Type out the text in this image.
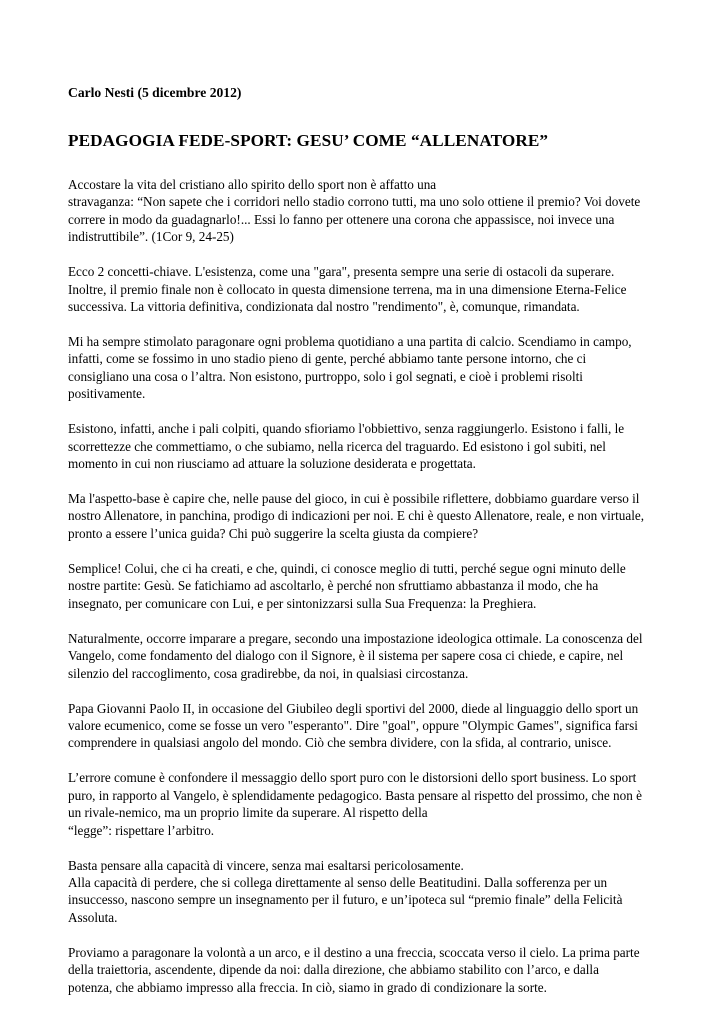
Carlo Nesti (5 dicembre 2012)

PEDAGOGIA FEDE-SPORT: GESU’ COME “ALLENATORE”

Accostare la vita del cristiano allo spirito dello sport non è affatto una
stravaganza: “Non sapete che i corridori nello stadio corrono tutti, ma uno solo ottiene il premio? Voi dovete
correre in modo da guadagnarlo!... Essi lo fanno per ottenere una corona che appassisce, noi invece una
indistruttibile”. (1Cor 9, 24-25)

Ecco 2 concetti-chiave. L'esistenza, come una "gara", presenta sempre una serie di ostacoli da superare.
Inoltre, il premio finale non è collocato in questa dimensione terrena, ma in una dimensione Eterna-Felice
successiva. La vittoria definitiva, condizionata dal nostro "rendimento", è, comunque, rimandata.

Mi ha sempre stimolato paragonare ogni problema quotidiano a una partita di calcio. Scendiamo in campo,
infatti, come se fossimo in uno stadio pieno di gente, perché abbiamo tante persone intorno, che ci
consigliano una cosa o l’altra. Non esistono, purtroppo, solo i gol segnati, e cioè i problemi risolti
positivamente.

Esistono, infatti, anche i pali colpiti, quando sfioriamo l'obbiettivo, senza raggiungerlo. Esistono i falli, le
scorrettezze che commettiamo, o che subiamo, nella ricerca del traguardo. Ed esistono i gol subiti, nel
momento in cui non riusciamo ad attuare la soluzione desiderata e progettata.

Ma l'aspetto-base è capire che, nelle pause del gioco, in cui è possibile riflettere, dobbiamo guardare verso il
nostro Allenatore, in panchina, prodigo di indicazioni per noi. E chi è questo Allenatore, reale, e non virtuale,
pronto a essere l’unica guida? Chi può suggerire la scelta giusta da compiere?

Semplice! Colui, che ci ha creati, e che, quindi, ci conosce meglio di tutti, perché segue ogni minuto delle
nostre partite: Gesù. Se fatichiamo ad ascoltarlo, è perché non sfruttiamo abbastanza il modo, che ha
insegnato, per comunicare con Lui, e per sintonizzarsi sulla Sua Frequenza: la Preghiera.

Naturalmente, occorre imparare a pregare, secondo una impostazione ideologica ottimale. La conoscenza del
Vangelo, come fondamento del dialogo con il Signore, è il sistema per sapere cosa ci chiede, e capire, nel
silenzio del raccoglimento, cosa gradirebbe, da noi, in qualsiasi circostanza.

Papa Giovanni Paolo II, in occasione del Giubileo degli sportivi del 2000, diede al linguaggio dello sport un
valore ecumenico, come se fosse un vero "esperanto". Dire "goal", oppure "Olympic Games", significa farsi
comprendere in qualsiasi angolo del mondo. Ciò che sembra dividere, con la sfida, al contrario, unisce.

L’errore comune è confondere il messaggio dello sport puro con le distorsioni dello sport business. Lo sport
puro, in rapporto al Vangelo, è splendidamente pedagogico. Basta pensare al rispetto del prossimo, che non è
un rivale-nemico, ma un proprio limite da superare. Al rispetto della
“legge”: rispettare l’arbitro.

Basta pensare alla capacità di vincere, senza mai esaltarsi pericolosamente.

Alla capacità di perdere, che si collega direttamente al senso delle Beatitudini. Dalla sofferenza per un
insuccesso, nascono sempre un insegnamento per il futuro, e un’ipoteca sul “premio finale” della Felicità
Assoluta.

Proviamo a paragonare la volontà a un arco, e il destino a una freccia, scoccata verso il cielo. La prima parte
della traiettoria, ascendente, dipende da noi: dalla direzione, che abbiamo stabilito con l’arco, e dalla
potenza, che abbiamo impresso alla freccia. In ciò, siamo in grado di condizionare la sorte.
